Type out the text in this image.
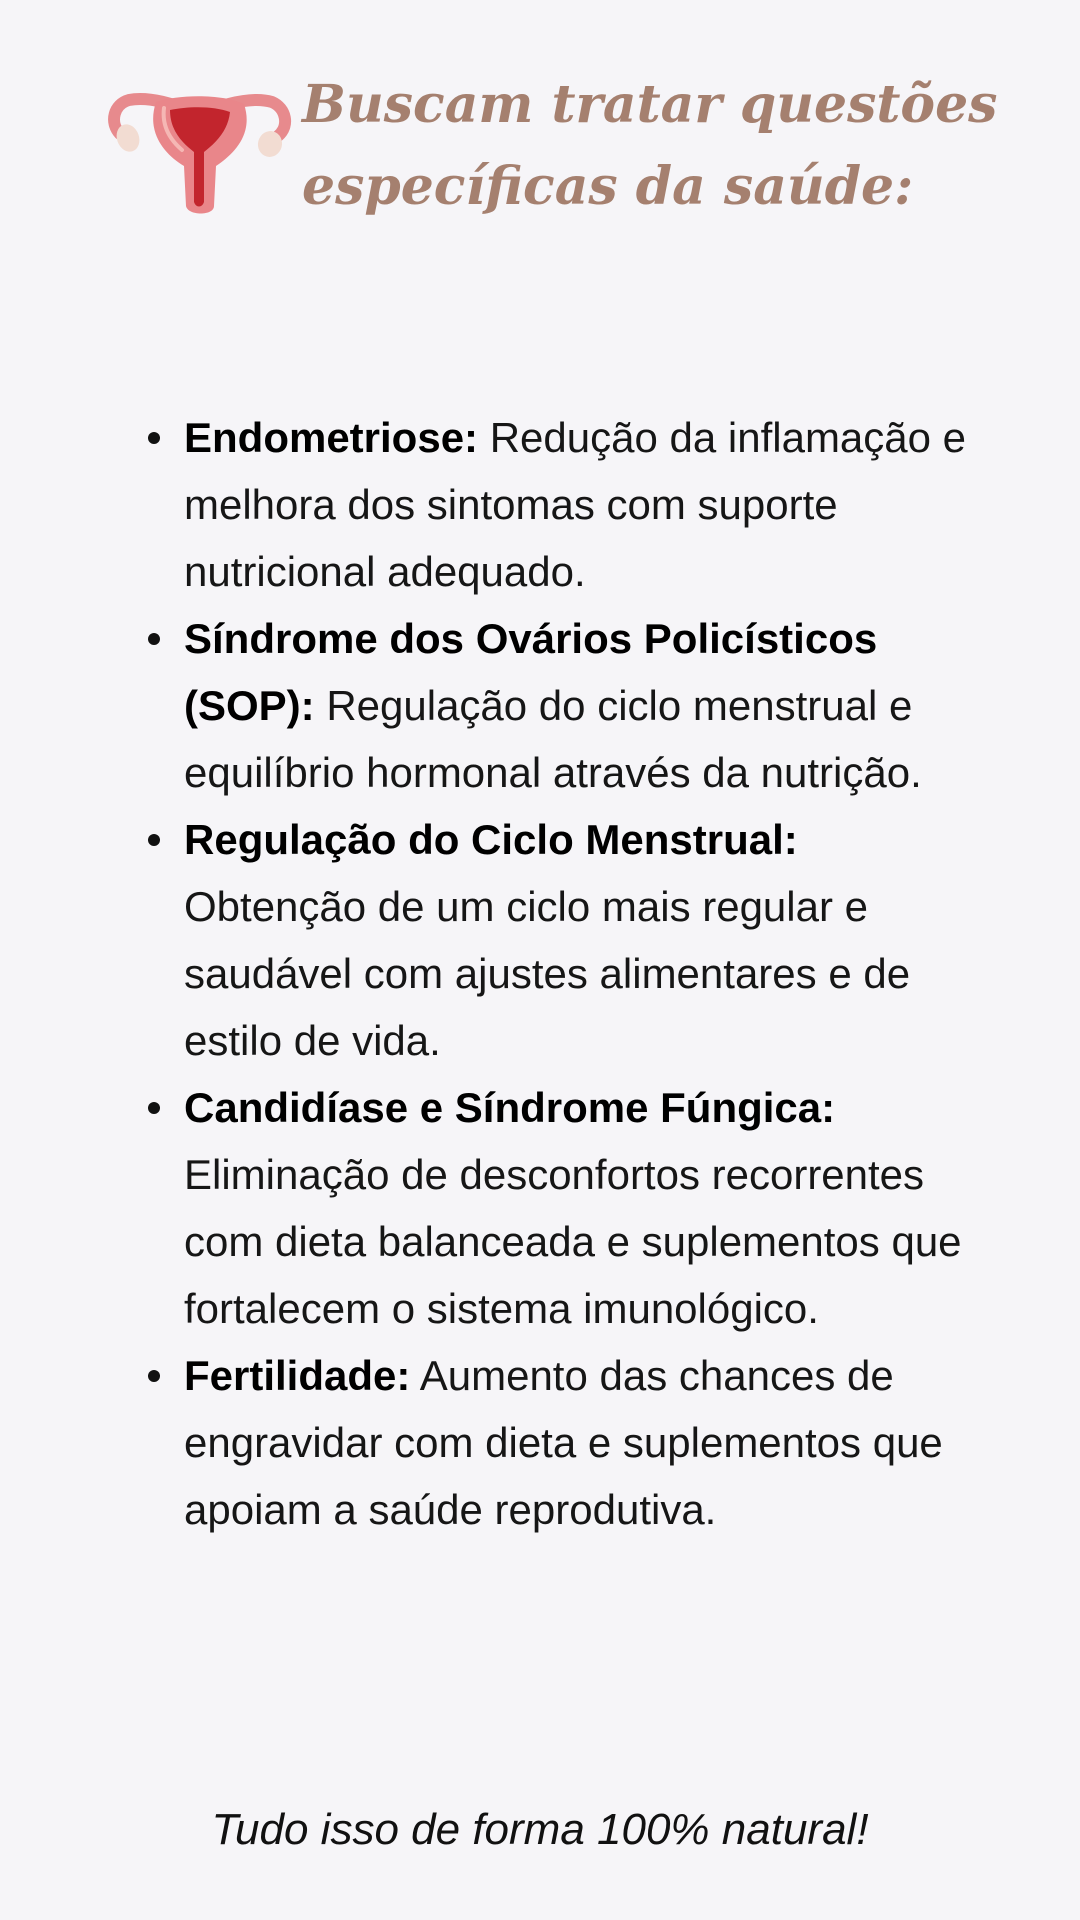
Buscam tratar questões específicas da saúde:
Endometriose: Redução da inflamação e melhora dos sintomas com suporte nutricional adequado.
Síndrome dos Ovários Policísticos (SOP): Regulação do ciclo menstrual e equilíbrio hormonal através da nutrição.
Regulação do Ciclo Menstrual: Obtenção de um ciclo mais regular e saudável com ajustes alimentares e de estilo de vida.
Candidíase e Síndrome Fúngica: Eliminação de desconfortos recorrentes com dieta balanceada e suplementos que fortalecem o sistema imunológico.
Fertilidade: Aumento das chances de engravidar com dieta e suplementos que apoiam a saúde reprodutiva.

Tudo isso de forma 100% natural!
